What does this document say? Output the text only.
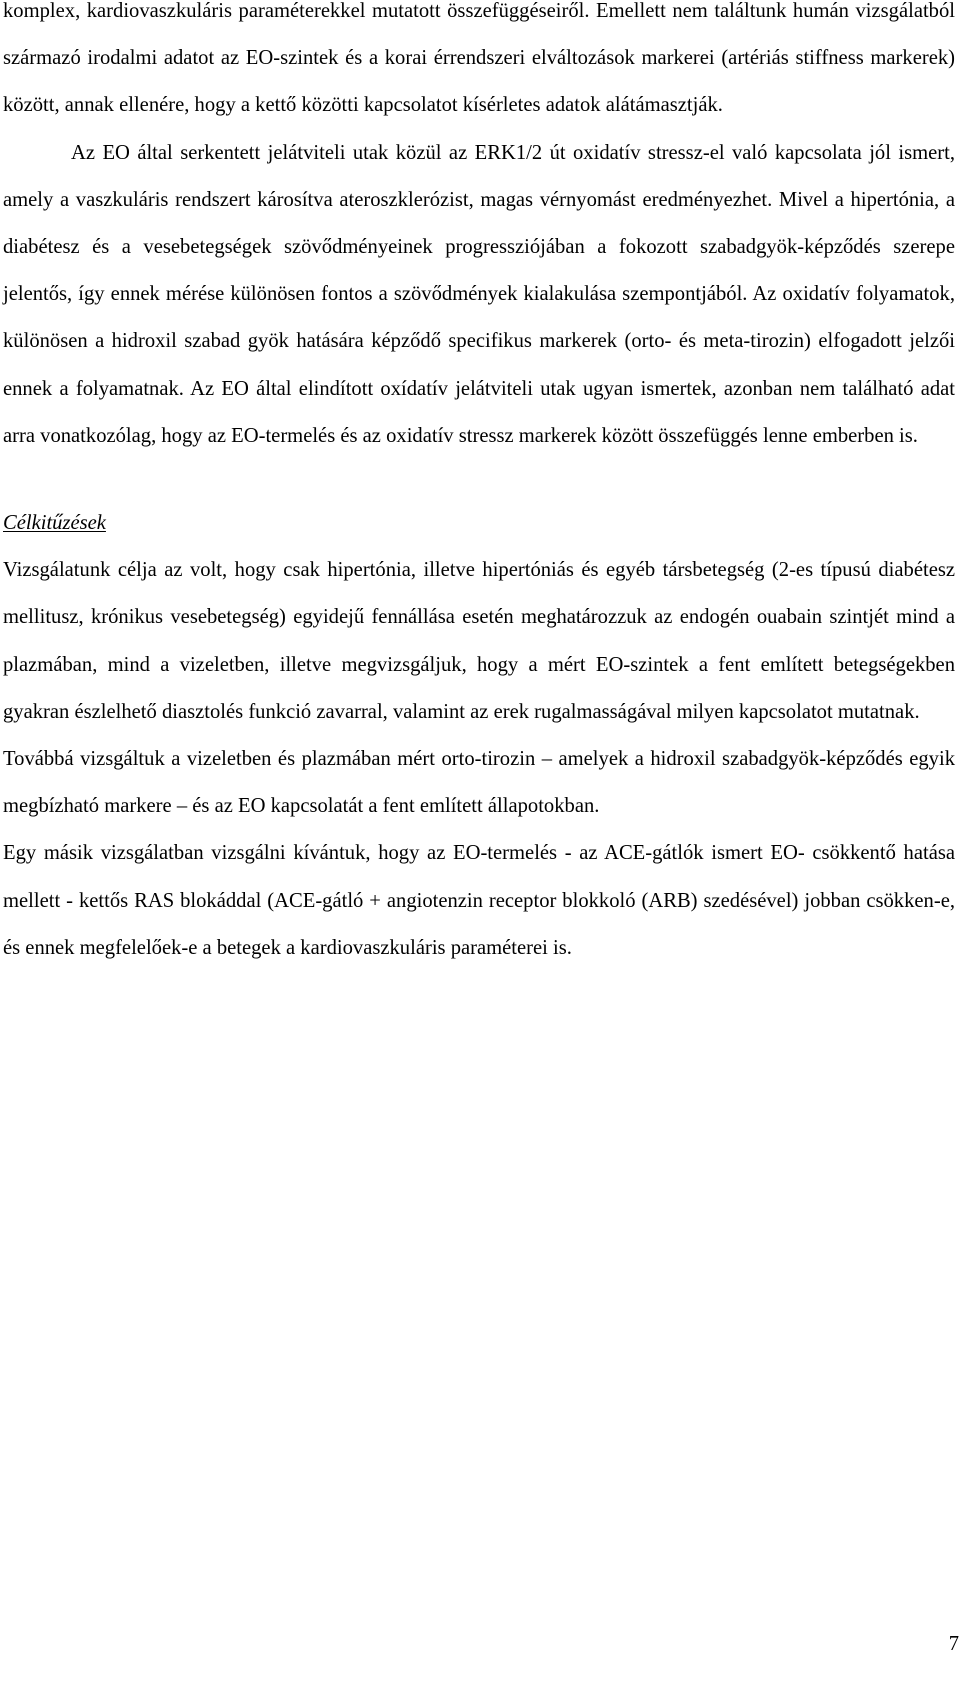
komplex, kardiovaszkuláris paraméterekkel mutatott összefüggéseiről. Emellett nem találtunk humán vizsgálatból származó irodalmi adatot az EO-szintek és a korai érrendszeri elváltozások markerei (artériás stiffness markerek) között, annak ellenére, hogy a kettő közötti kapcsolatot kísérletes adatok alátámasztják.

Az EO által serkentett jelátviteli utak közül az ERK1/2 út oxidatív stressz-el való kapcsolata jól ismert, amely a vaszkuláris rendszert károsítva ateroszklerózist, magas vérnyomást eredményezhet. Mivel a hipertónia, a diabétesz és a vesebetegségek szövődményeinek progressziójában a fokozott szabadgyök-képződés szerepe jelentős, így ennek mérése különösen fontos a szövődmények kialakulása szempontjából. Az oxidatív folyamatok, különösen a hidroxil szabad gyök hatására képződő specifikus markerek (orto- és meta-tirozin) elfogadott jelzői ennek a folyamatnak. Az EO által elindított oxídatív jelátviteli utak ugyan ismertek, azonban nem található adat arra vonatkozólag, hogy az EO-termelés és az oxidatív stressz markerek között összefüggés lenne emberben is.

Célkitűzések

Vizsgálatunk célja az volt, hogy csak hipertónia, illetve hipertóniás és egyéb társbetegség (2-es típusú diabétesz mellitusz, krónikus vesebetegség) egyidejű fennállása esetén meghatározzuk az endogén ouabain szintjét mind a plazmában, mind a vizeletben, illetve megvizsgáljuk, hogy a mért EO-szintek a fent említett betegségekben gyakran észlelhető diasztolés funkció zavarral, valamint az erek rugalmasságával milyen kapcsolatot mutatnak.

Továbbá vizsgáltuk a vizeletben és plazmában mért orto-tirozin – amelyek a hidroxil szabadgyök-képződés egyik megbízható markere – és az EO kapcsolatát a fent említett állapotokban.

Egy másik vizsgálatban vizsgálni kívántuk, hogy az EO-termelés - az ACE-gátlók ismert EO- csökkentő hatása mellett - kettős RAS blokáddal (ACE-gátló + angiotenzin receptor blokkoló (ARB) szedésével) jobban csökken-e, és ennek megfelelőek-e a betegek a kardiovaszkuláris paraméterei is.

7
